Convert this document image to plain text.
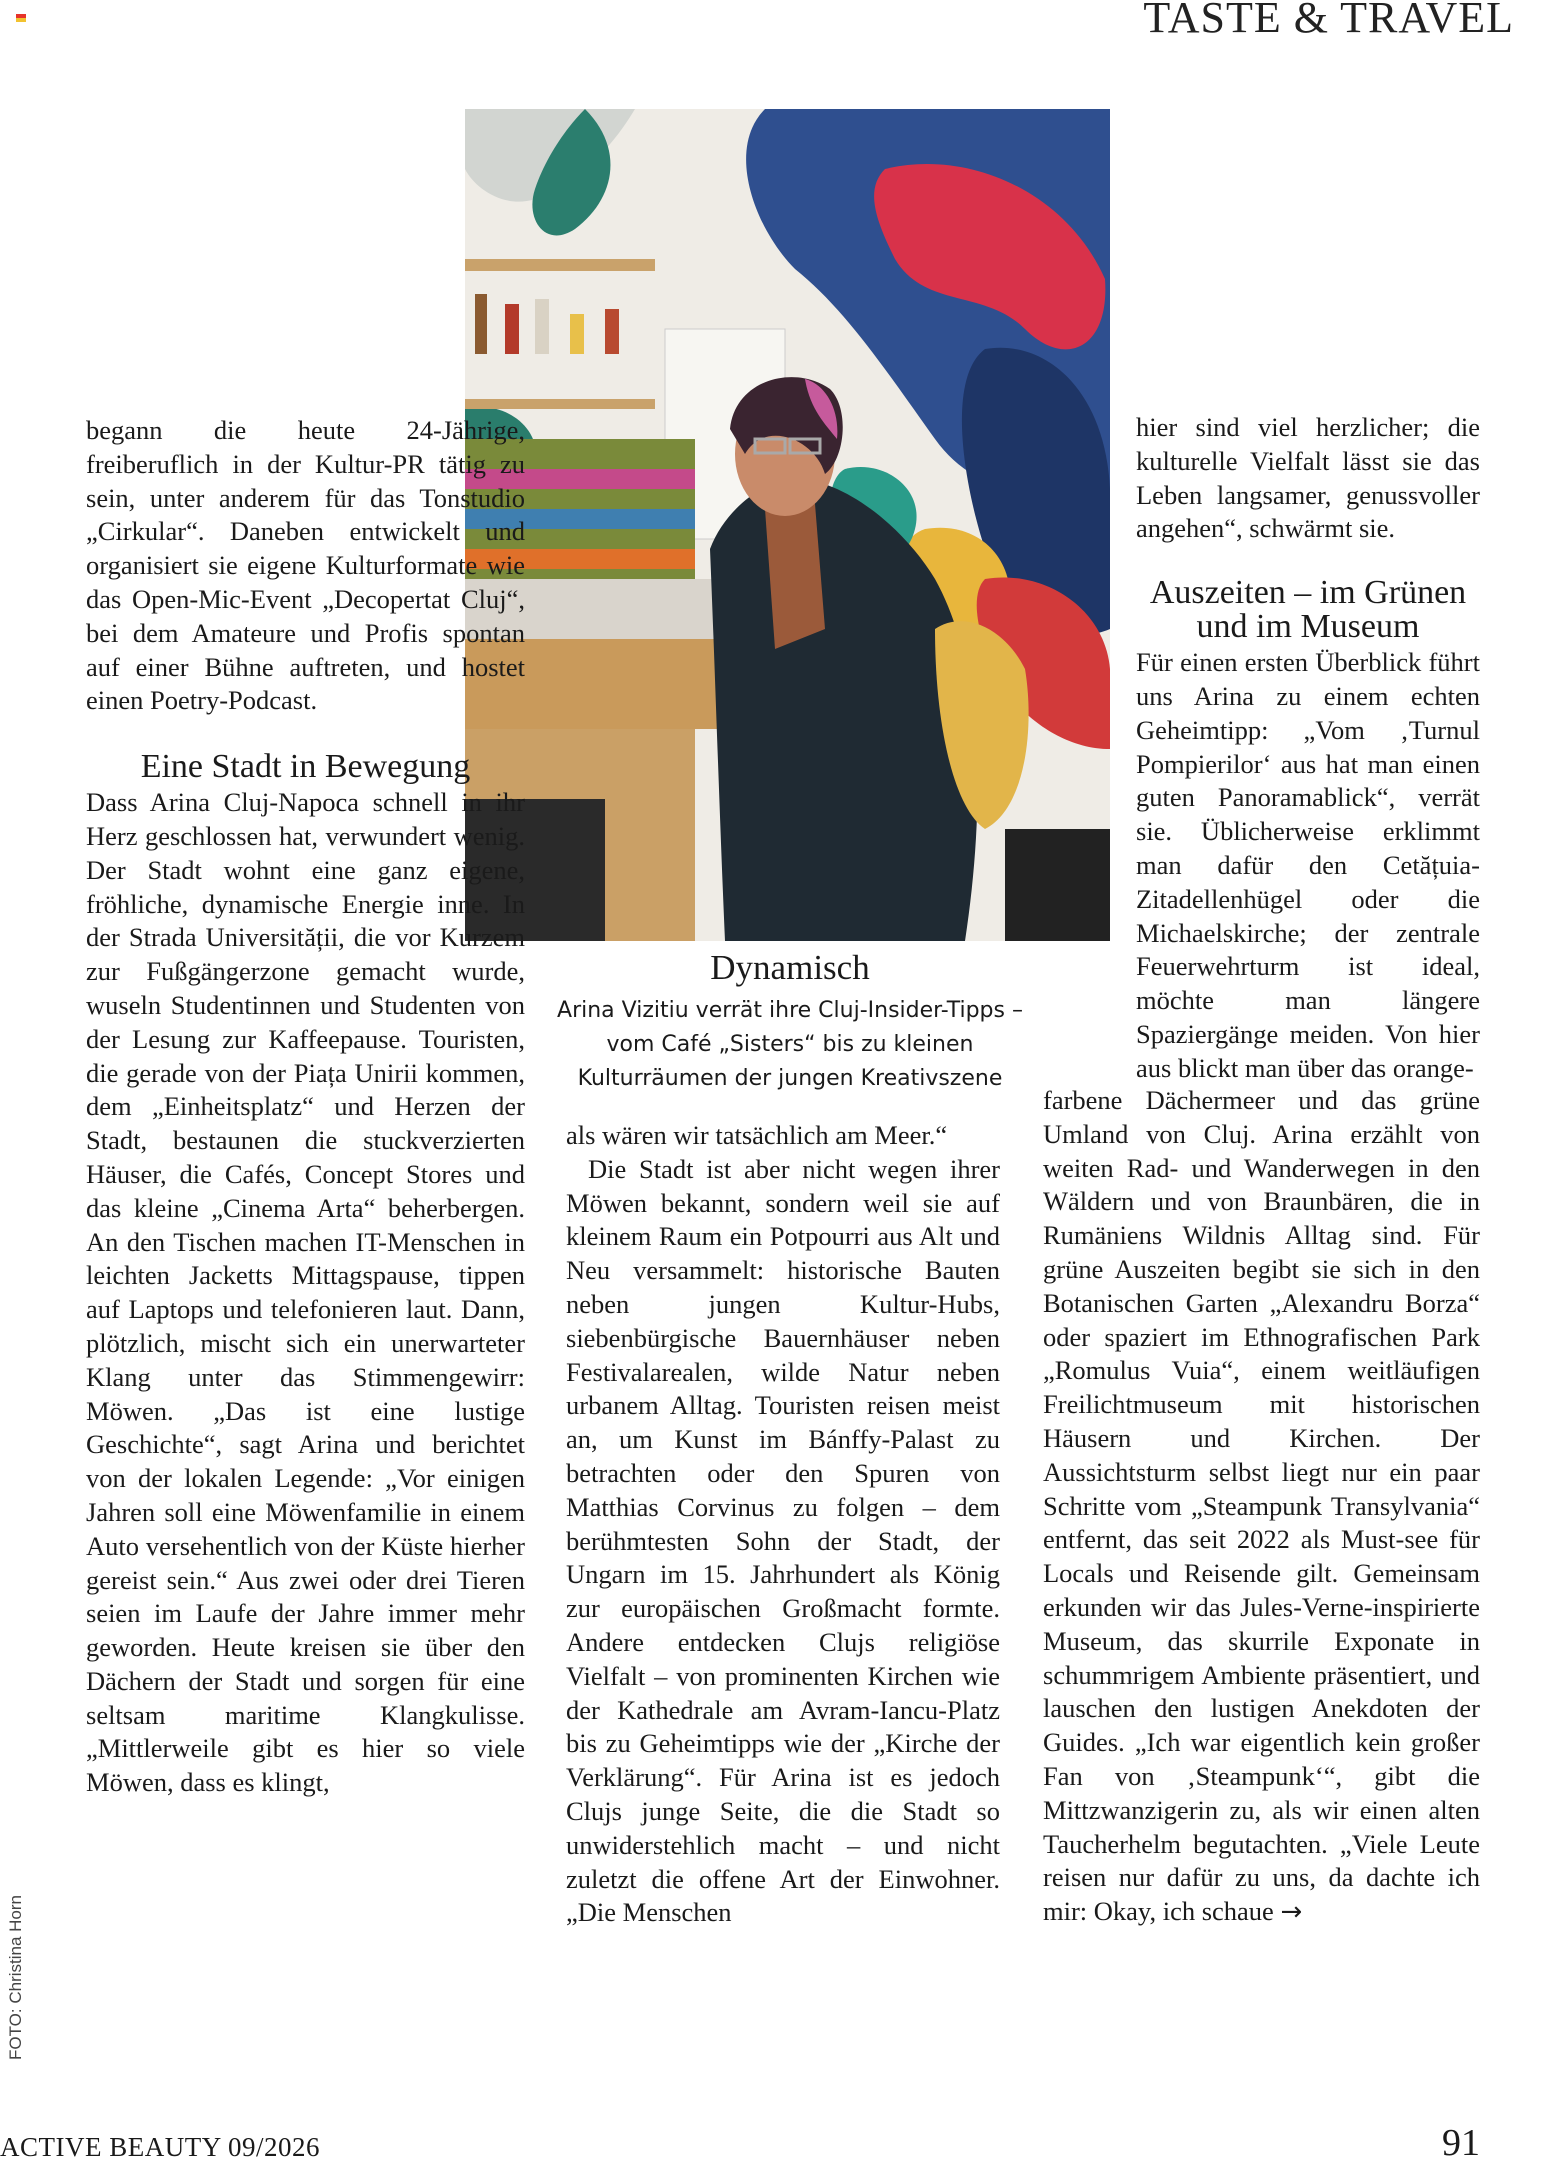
TASTE & TRAVEL
Dynamisch

Arina Vizitiu verrät ihre Cluj-Insider-Tipps – vom Café „Sisters“ bis zu kleinen Kulturräumen der jungen Kreativszene

begann die heute 24-Jährige, freiberuflich in der Kultur-PR tätig zu sein, unter anderem für das Tonstudio „Cirkular“. Daneben entwickelt und organisiert sie eigene Kulturformate wie das Open-Mic-Event „Decopertat Cluj“, bei dem Amateure und Profis spontan auf einer Bühne auftreten, und hostet einen Poetry-Podcast.

Eine Stadt in Bewegung

Dass Arina Cluj-Napoca schnell in ihr Herz geschlossen hat, verwundert wenig. Der Stadt wohnt eine ganz eigene, fröhliche, dynamische Energie inne. In der Strada Universității, die vor Kurzem zur Fußgängerzone gemacht wurde, wuseln Studentinnen und Studenten von der Lesung zur Kaffeepause. Touristen, die gerade von der Piața Unirii kommen, dem „Einheitsplatz“ und Herzen der Stadt, bestaunen die stuckverzierten Häuser, die Cafés, Concept Stores und das kleine „Cinema Arta“ beherbergen. An den Tischen machen IT-Menschen in leichten Jacketts Mittagspause, tippen auf Laptops und telefonieren laut. Dann, plötzlich, mischt sich ein unerwarteter Klang unter das Stimmengewirr: Möwen. „Das ist eine lustige Geschichte“, sagt Arina und berichtet von der lokalen Legende: „Vor einigen Jahren soll eine Möwenfamilie in einem Auto versehentlich von der Küste hierher gereist sein.“ Aus zwei oder drei Tieren seien im Laufe der Jahre immer mehr geworden. Heute kreisen sie über den Dächern der Stadt und sorgen für eine seltsam maritime Klangkulisse. „Mittlerweile gibt es hier so viele Möwen, dass es klingt,

als wären wir tatsächlich am Meer.“

Die Stadt ist aber nicht wegen ihrer Möwen bekannt, sondern weil sie auf kleinem Raum ein Potpourri aus Alt und Neu versammelt: historische Bauten neben jungen Kultur-Hubs, siebenbürgische Bauernhäuser neben Festivalarealen, wilde Natur neben urbanem Alltag. Touristen reisen meist an, um Kunst im Bánffy-Palast zu betrachten oder den Spuren von Matthias Corvinus zu folgen – dem berühmtesten Sohn der Stadt, der Ungarn im 15. Jahrhundert als König zur europäischen Großmacht formte. Andere entdecken Clujs religiöse Vielfalt – von prominenten Kirchen wie der Kathedrale am Avram-Iancu-Platz bis zu Geheimtipps wie der „Kirche der Verklärung“. Für Arina ist es jedoch Clujs junge Seite, die die Stadt so unwiderstehlich macht – und nicht zuletzt die offene Art der Einwohner. „Die Menschen

hier sind viel herzlicher; die kulturelle Vielfalt lässt sie das Leben langsamer, genussvoller angehen“, schwärmt sie.

Auszeiten – im Grünen und im Museum

Für einen ersten Überblick führt uns Arina zu einem echten Geheimtipp: „Vom ‚Turnul Pompierilor‘ aus hat man einen guten Panoramablick“, verrät sie. Üblicherweise erklimmt man dafür den Cetățuia-Zitadellenhügel oder die Michaelskirche; der zentrale Feuerwehrturm ist ideal, möchte man längere Spaziergänge meiden. Von hier aus blickt man über das orange-

farbene Dächermeer und das grüne Umland von Cluj. Arina erzählt von weiten Rad- und Wanderwegen in den Wäldern und von Braunbären, die in Rumäniens Wildnis Alltag sind. Für grüne Auszeiten begibt sie sich in den Botanischen Garten „Alexandru Borza“ oder spaziert im Ethnografischen Park „Romulus Vuia“, einem weitläufigen Freilichtmuseum mit historischen Häusern und Kirchen. Der Aussichtsturm selbst liegt nur ein paar Schritte vom „Steampunk Transylvania“ entfernt, das seit 2022 als Must-see für Locals und Reisende gilt. Gemeinsam erkunden wir das Jules-Verne-inspirierte Museum, das skurrile Exponate in schummrigem Ambiente präsentiert, und lauschen den lustigen Anekdoten der Guides. „Ich war eigentlich kein großer Fan von ‚Steampunk‘“, gibt die Mittzwanzigerin zu, als wir einen alten Taucherhelm begutachten. „Viele Leute reisen nur dafür zu uns, da dachte ich mir: Okay, ich schaue →

FOTO: Christina Horn
ACTIVE BEAUTY 09/2026	91
